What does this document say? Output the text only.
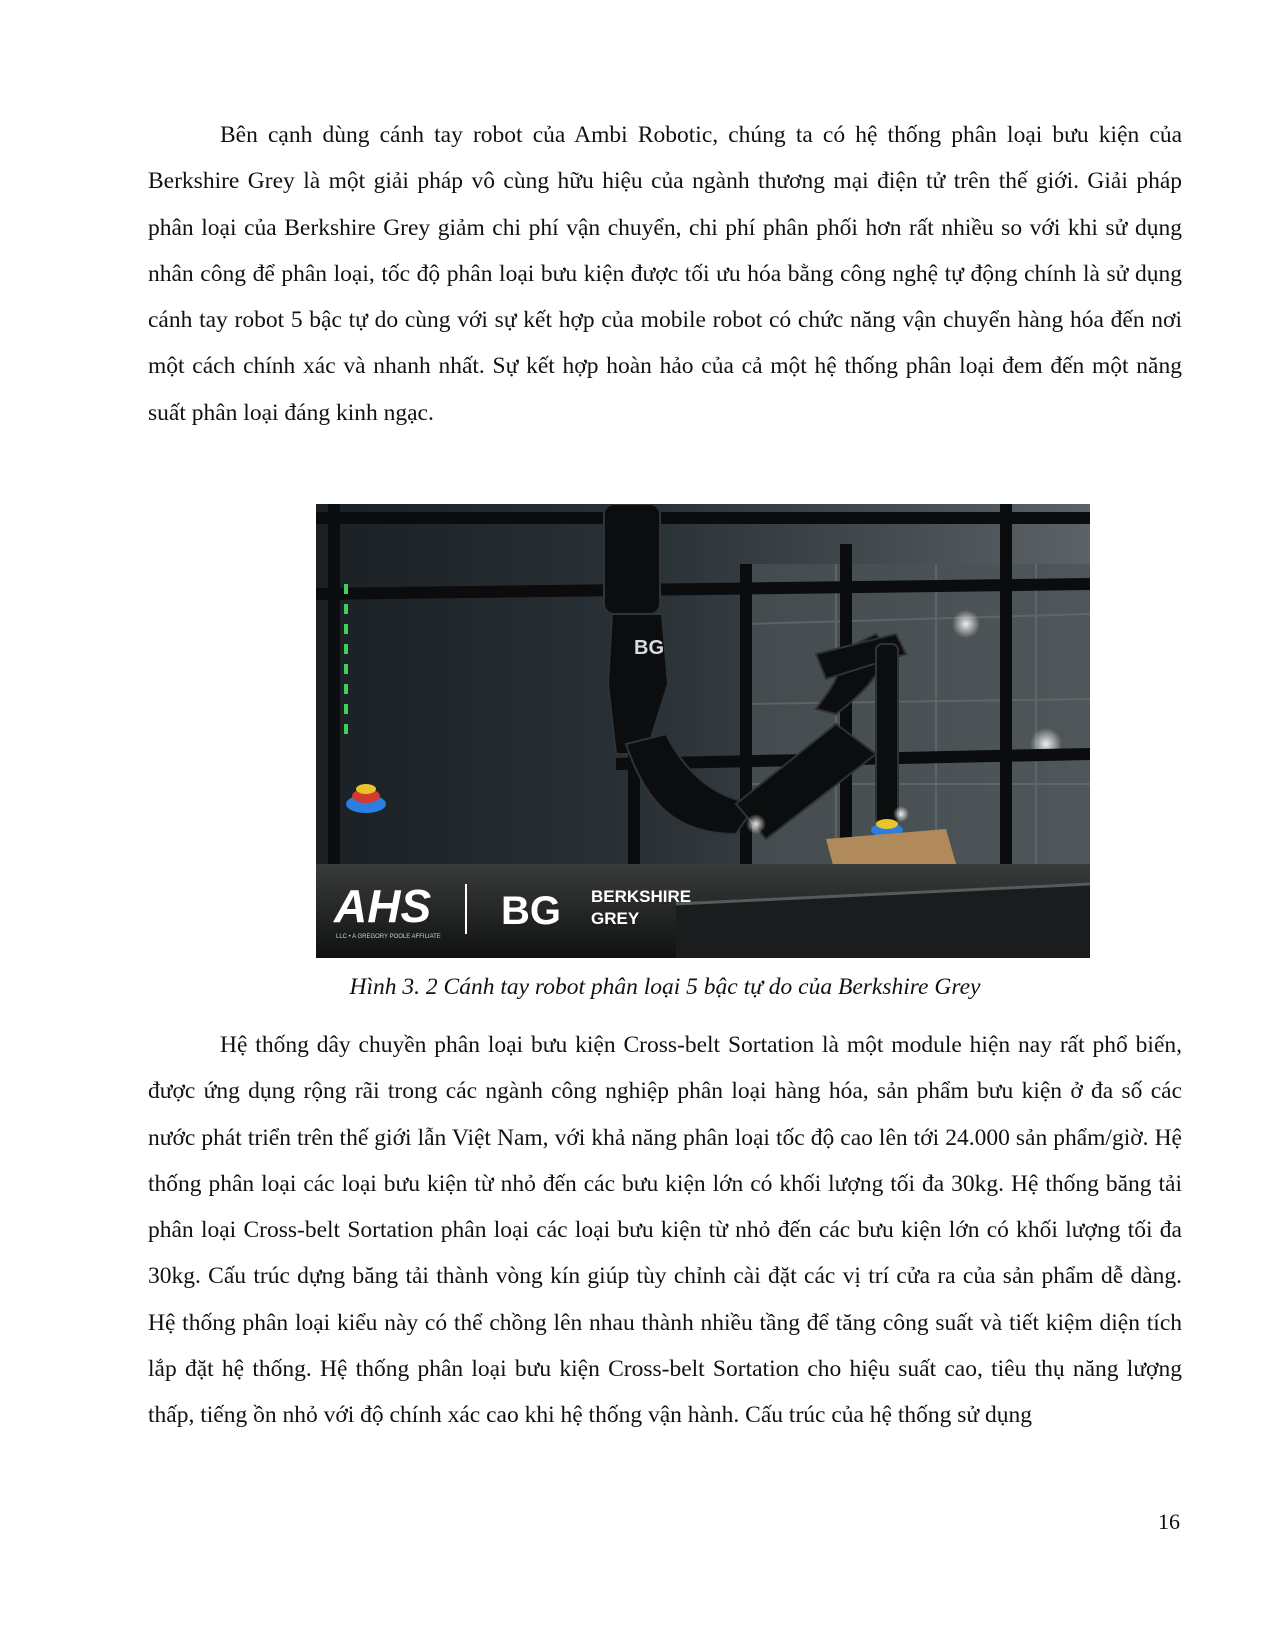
Bên cạnh dùng cánh tay robot của Ambi Robotic, chúng ta có hệ thống phân loại bưu kiện của Berkshire Grey là một giải pháp vô cùng hữu hiệu của ngành thương mại điện tử trên thế giới. Giải pháp phân loại của Berkshire Grey giảm chi phí vận chuyển, chi phí phân phối hơn rất nhiều so với khi sử dụng nhân công để phân loại, tốc độ phân loại bưu kiện được tối ưu hóa bằng công nghệ tự động chính là sử dụng cánh tay robot 5 bậc tự do cùng với sự kết hợp của mobile robot có chức năng vận chuyển hàng hóa đến nơi một cách chính xác và nhanh nhất. Sự kết hợp hoàn hảo của cả một hệ thống phân loại đem đến một năng suất phân loại đáng kinh ngạc.

BG
AHS
LLC • A GREGORY POOLE AFFILIATE
BG BERKSHIRE
GREY

Hình 3. 2 Cánh tay robot phân loại 5 bậc tự do của Berkshire Grey

Hệ thống dây chuyền phân loại bưu kiện Cross-belt Sortation là một module hiện nay rất phổ biến, được ứng dụng rộng rãi trong các ngành công nghiệp phân loại hàng hóa, sản phẩm bưu kiện ở đa số các nước phát triển trên thế giới lẫn Việt Nam, với khả năng phân loại tốc độ cao lên tới 24.000 sản phẩm/giờ. Hệ thống phân loại các loại bưu kiện từ nhỏ đến các bưu kiện lớn có khối lượng tối đa 30kg. Hệ thống băng tải phân loại Cross-belt Sortation phân loại các loại bưu kiện từ nhỏ đến các bưu kiện lớn có khối lượng tối đa 30kg. Cấu trúc dựng băng tải thành vòng kín giúp tùy chỉnh cài đặt các vị trí cửa ra của sản phẩm dễ dàng. Hệ thống phân loại kiểu này có thể chồng lên nhau thành nhiều tầng để tăng công suất và tiết kiệm diện tích lắp đặt hệ thống. Hệ thống phân loại bưu kiện Cross-belt Sortation cho hiệu suất cao, tiêu thụ năng lượng thấp, tiếng ồn nhỏ với độ chính xác cao khi hệ thống vận hành. Cấu trúc của hệ thống sử dụng

16
